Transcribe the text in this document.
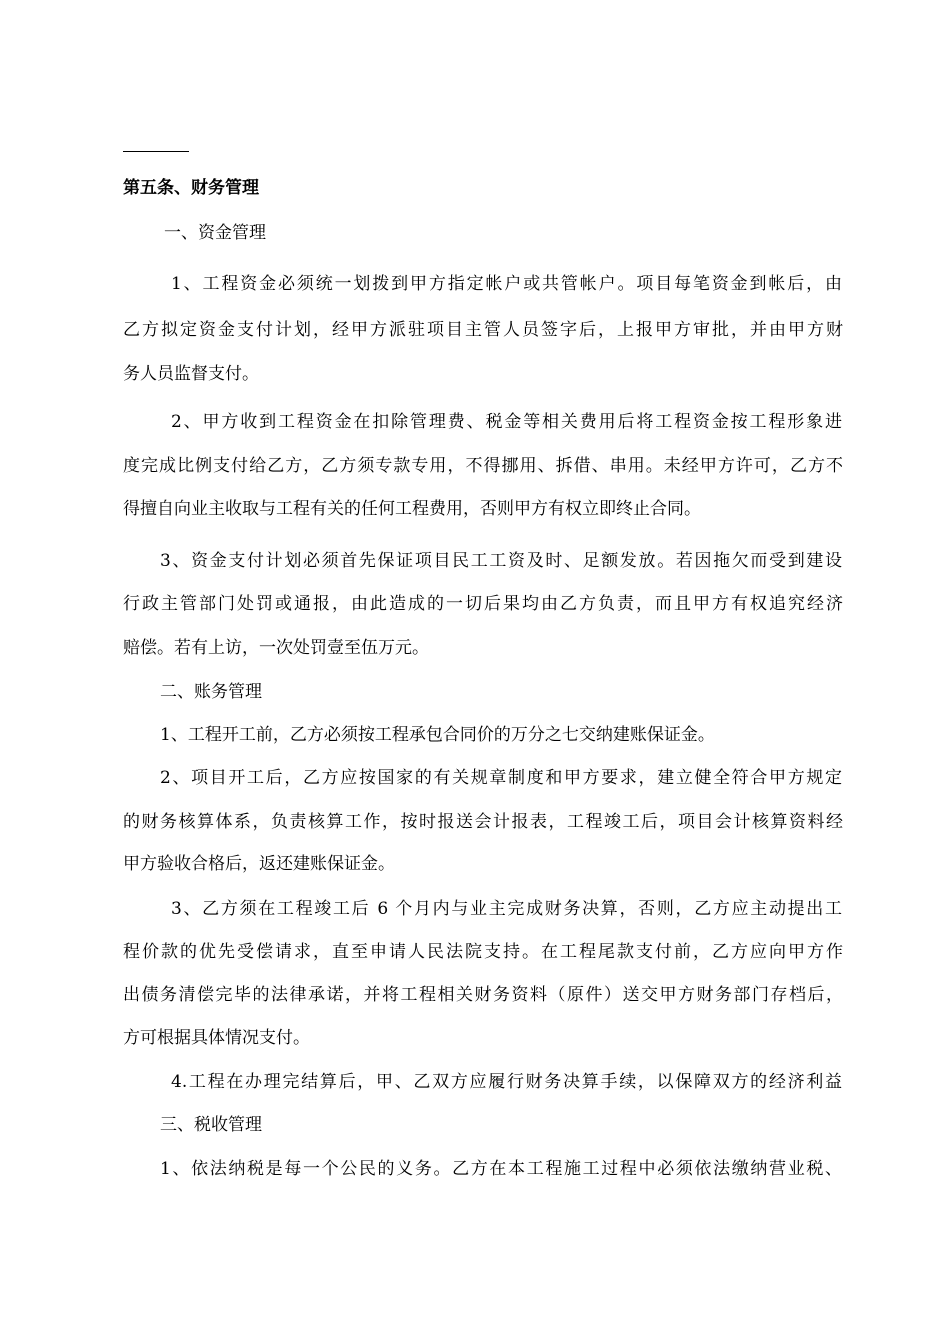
第五条、财务管理
一、资金管理
1、工程资金必须统一划拨到甲方指定帐户或共管帐户。项目每笔资金到帐后，由
乙方拟定资金支付计划，经甲方派驻项目主管人员签字后，上报甲方审批，并由甲方财
务人员监督支付。
2、甲方收到工程资金在扣除管理费、税金等相关费用后将工程资金按工程形象进
度完成比例支付给乙方，乙方须专款专用，不得挪用、拆借、串用。未经甲方许可，乙方不
得擅自向业主收取与工程有关的任何工程费用，否则甲方有权立即终止合同。
3、资金支付计划必须首先保证项目民工工资及时、足额发放。若因拖欠而受到建设
行政主管部门处罚或通报，由此造成的一切后果均由乙方负责，而且甲方有权追究经济
赔偿。若有上访，一次处罚壹至伍万元。
二、账务管理
1、工程开工前，乙方必须按工程承包合同价的万分之七交纳建账保证金。
2、项目开工后，乙方应按国家的有关规章制度和甲方要求，建立健全符合甲方规定
的财务核算体系，负责核算工作，按时报送会计报表，工程竣工后，项目会计核算资料经
甲方验收合格后，返还建账保证金。
3、乙方须在工程竣工后 6 个月内与业主完成财务决算，否则，乙方应主动提出工
程价款的优先受偿请求，直至申请人民法院支持。在工程尾款支付前，乙方应向甲方作
出债务清偿完毕的法律承诺，并将工程相关财务资料（原件）送交甲方财务部门存档后，
方可根据具体情况支付。
4.工程在办理完结算后，甲、乙双方应履行财务决算手续，以保障双方的经济利益
三、税收管理
1、依法纳税是每一个公民的义务。乙方在本工程施工过程中必须依法缴纳营业税、
